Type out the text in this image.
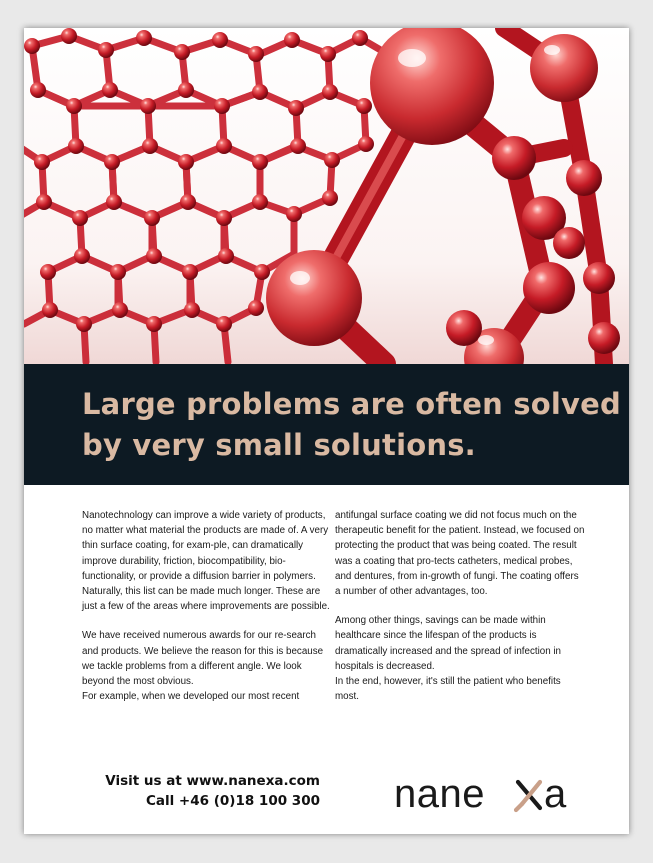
Large problems are often solved
by very small solutions.

Nanotechnology can improve a wide variety of products, no matter what material the products are made of. A very thin surface coating, for exam-ple, can dramatically improve durability, friction, biocompatibility, bio-functionality, or provide a diffusion barrier in polymers. Naturally, this list can be made much longer. These are just a few of the areas where improvements are possible.

We have received numerous awards for our re-search and products. We believe the reason for this is because we tackle problems from a different angle. We look beyond the most obvious.

For example, when we developed our most recent

antifungal surface coating we did not focus much on the therapeutic benefit for the patient. Instead, we focused on protecting the product that was being coated. The result was a coating that pro-tects catheters, medical probes, and dentures, from in-growth of fungi. The coating offers a number of other advantages, too.

Among other things, savings can be made within healthcare since the lifespan of the products is dramatically increased and the spread of infection in hospitals is decreased.

In the end, however, it's still the patient who benefits most.

Visit us at www.nanexa.com
Call +46 (0)18 100 300 nane a
